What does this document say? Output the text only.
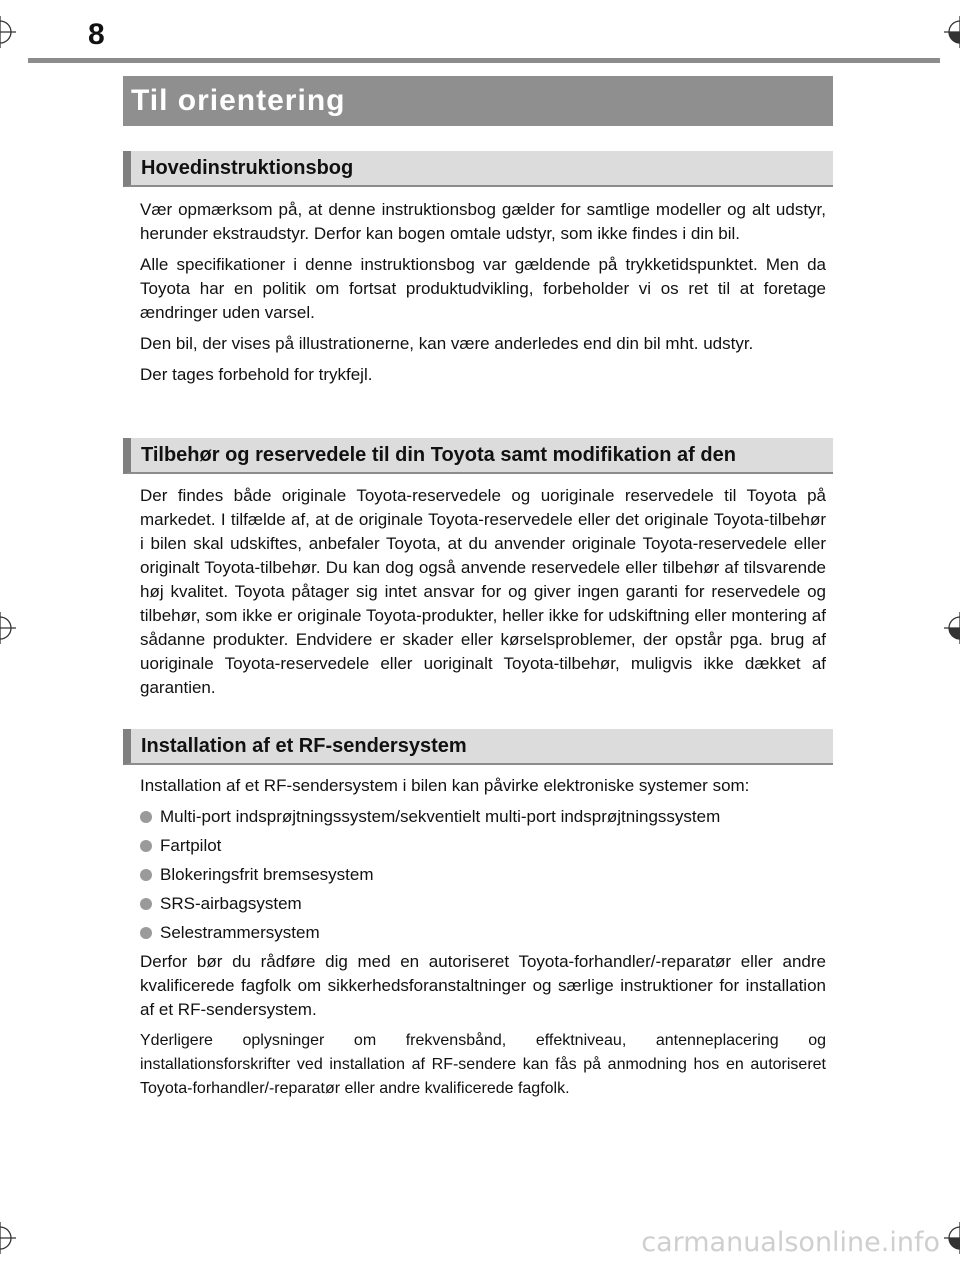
8
Til orientering
Hovedinstruktionsbog

Vær opmærksom på, at denne instruktionsbog gælder for samtlige modeller og alt udstyr, herunder ekstraudstyr. Derfor kan bogen omtale udstyr, som ikke findes i din bil.

Alle specifikationer i denne instruktionsbog var gældende på trykketidspunktet. Men da Toyota har en politik om fortsat produktudvikling, forbeholder vi os ret til at foretage ændringer uden varsel.

Den bil, der vises på illustrationerne, kan være anderledes end din bil mht. udstyr.

Der tages forbehold for trykfejl.

Tilbehør og reservedele til din Toyota samt modifikation af den

Der findes både originale Toyota-reservedele og uoriginale reservedele til Toyota på markedet. I tilfælde af, at de originale Toyota-reservedele eller det originale Toyota-tilbehør i bilen skal udskiftes, anbefaler Toyota, at du anvender originale Toyota-reservedele eller originalt Toyota-tilbehør. Du kan dog også anvende reservedele eller tilbehør af tilsvarende høj kvalitet. Toyota påtager sig intet ansvar for og giver ingen garanti for reservedele og tilbehør, som ikke er originale Toyota-produkter, heller ikke for udskiftning eller montering af sådanne produkter. Endvidere er skader eller kørselsproblemer, der opstår pga. brug af uoriginale Toyota-reservedele eller uoriginalt Toyota-tilbehør, muligvis ikke dækket af garantien.

Installation af et RF-sendersystem

Installation af et RF-sendersystem i bilen kan påvirke elektroniske systemer som:

Multi-port indsprøjtningssystem/sekventielt multi-port indsprøjtningssystem
Fartpilot
Blokeringsfrit bremsesystem
SRS-airbagsystem
Selestrammersystem

Derfor bør du rådføre dig med en autoriseret Toyota-forhandler/-reparatør eller andre kvalificerede fagfolk om sikkerhedsforanstaltninger og særlige instruktioner for installation af et RF-sendersystem.

Yderligere oplysninger om frekvensbånd, effektniveau, antenneplacering og installationsforskrifter ved installation af RF-sendere kan fås på anmodning hos en autoriseret Toyota-forhandler/-reparatør eller andre kvalificerede fagfolk.

carmanualsonline.info
